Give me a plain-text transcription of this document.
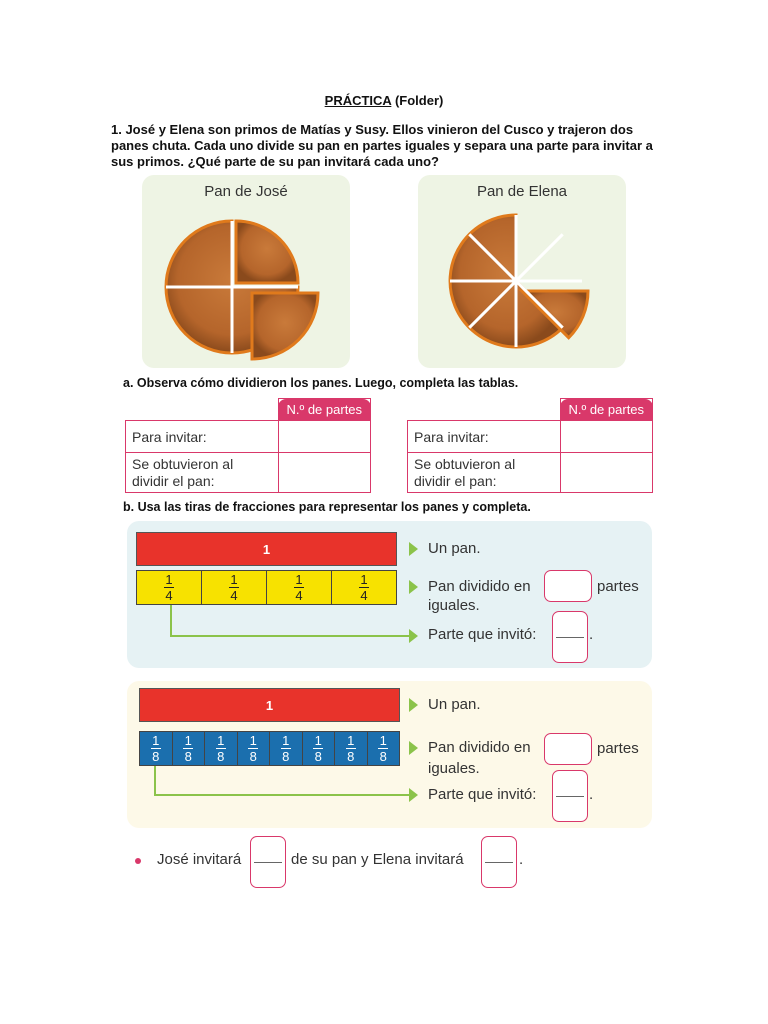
PRÁCTICA (Folder)
1. José y Elena son primos de Matías y Susy. Ellos vinieron del Cusco y trajeron dos panes chuta. Cada uno divide su pan en partes iguales y separa una parte para invitar a sus primos. ¿Qué parte de su pan invitará cada uno?
Pan de José	Pan de Elena
a. Observa cómo dividieron los panes. Luego, completa las tablas.
	N.º de partes
Para invitar:	
Se obtuvieron al
dividir el pan:	
	N.º de partes
Para invitar:	
Se obtuvieron al
dividir el pan:	
b. Usa las tiras de fracciones para representar los panes y completa.
1
$\frac{1}{4} \frac{1}{4} \frac{1}{4} \frac{1}{4}$
Un pan.
Pan dividido en	partes
iguales.
Parte que invitó:	.
1
$\frac{1}{8} \frac{1}{8} \frac{1}{8} \frac{1}{8} \frac{1}{8} \frac{1}{8} \frac{1}{8} \frac{1}{8}$
Un pan.
Pan dividido en	partes
iguales.
Parte que invitó:	.
José invitará	de su pan y Elena invitará	.
